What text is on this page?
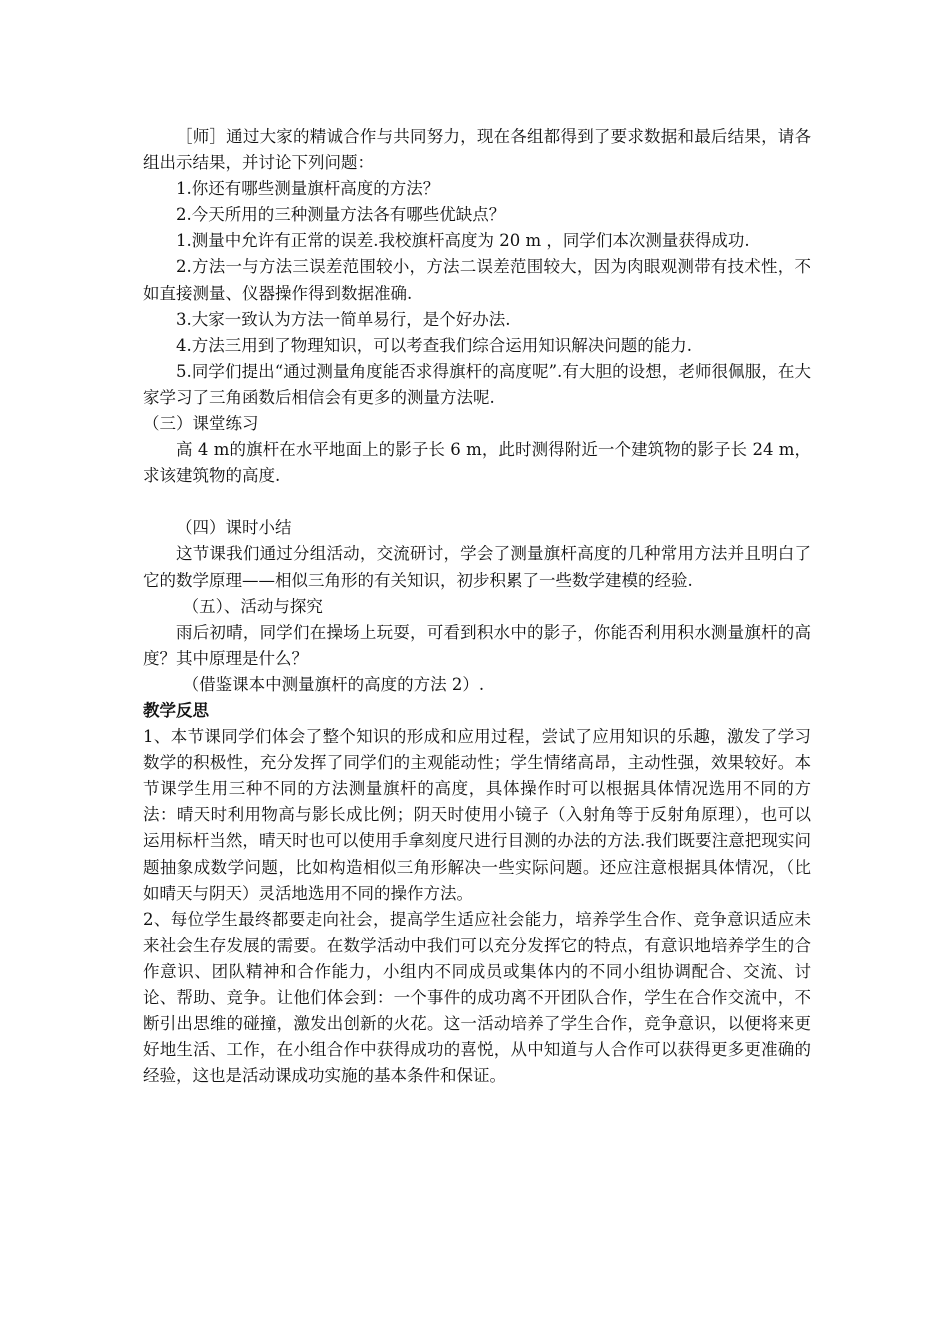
［师］通过大家的精诚合作与共同努力，现在各组都得到了要求数据和最后结果，请各组出示结果，并讨论下列问题：

1.你还有哪些测量旗杆高度的方法？

2.今天所用的三种测量方法各有哪些优缺点？

1.测量中允许有正常的误差.我校旗杆高度为 20 m ，同学们本次测量获得成功.

2.方法一与方法三误差范围较小，方法二误差范围较大，因为肉眼观测带有技术性，不如直接测量、仪器操作得到数据准确.

3.大家一致认为方法一简单易行，是个好办法.

4.方法三用到了物理知识，可以考查我们综合运用知识解决问题的能力.

5.同学们提出“通过测量角度能否求得旗杆的高度呢”.有大胆的设想，老师很佩服，在大家学习了三角函数后相信会有更多的测量方法呢.

（三）课堂练习

高 4 m的旗杆在水平地面上的影子长 6 m，此时测得附近一个建筑物的影子长 24 m，求该建筑物的高度.

（四）课时小结

这节课我们通过分组活动，交流研讨，学会了测量旗杆高度的几种常用方法并且明白了它的数学原理——相似三角形的有关知识，初步积累了一些数学建模的经验.

（五）、活动与探究

雨后初晴，同学们在操场上玩耍，可看到积水中的影子，你能否利用积水测量旗杆的高度？其中原理是什么？

（借鉴课本中测量旗杆的高度的方法 2）.

教学反思

1、本节课同学们体会了整个知识的形成和应用过程，尝试了应用知识的乐趣，激发了学习数学的积极性，充分发挥了同学们的主观能动性；学生情绪高昂，主动性强，效果较好。本节课学生用三种不同的方法测量旗杆的高度，具体操作时可以根据具体情况选用不同的方法：晴天时利用物高与影长成比例；阴天时使用小镜子（入射角等于反射角原理），也可以运用标杆当然，晴天时也可以使用手拿刻度尺进行目测的办法的方法.我们既要注意把现实问题抽象成数学问题，比如构造相似三角形解决一些实际问题。还应注意根据具体情况，（比如晴天与阴天）灵活地选用不同的操作方法。

2、每位学生最终都要走向社会，提高学生适应社会能力，培养学生合作、竞争意识适应未来社会生存发展的需要。在数学活动中我们可以充分发挥它的特点，有意识地培养学生的合作意识、团队精神和合作能力，小组内不同成员或集体内的不同小组协调配合、交流、讨论、帮助、竞争。让他们体会到：一个事件的成功离不开团队合作，学生在合作交流中，不断引出思维的碰撞，激发出创新的火花。这一活动培养了学生合作，竞争意识，以便将来更好地生活、工作，在小组合作中获得成功的喜悦，从中知道与人合作可以获得更多更准确的经验，这也是活动课成功实施的基本条件和保证。
